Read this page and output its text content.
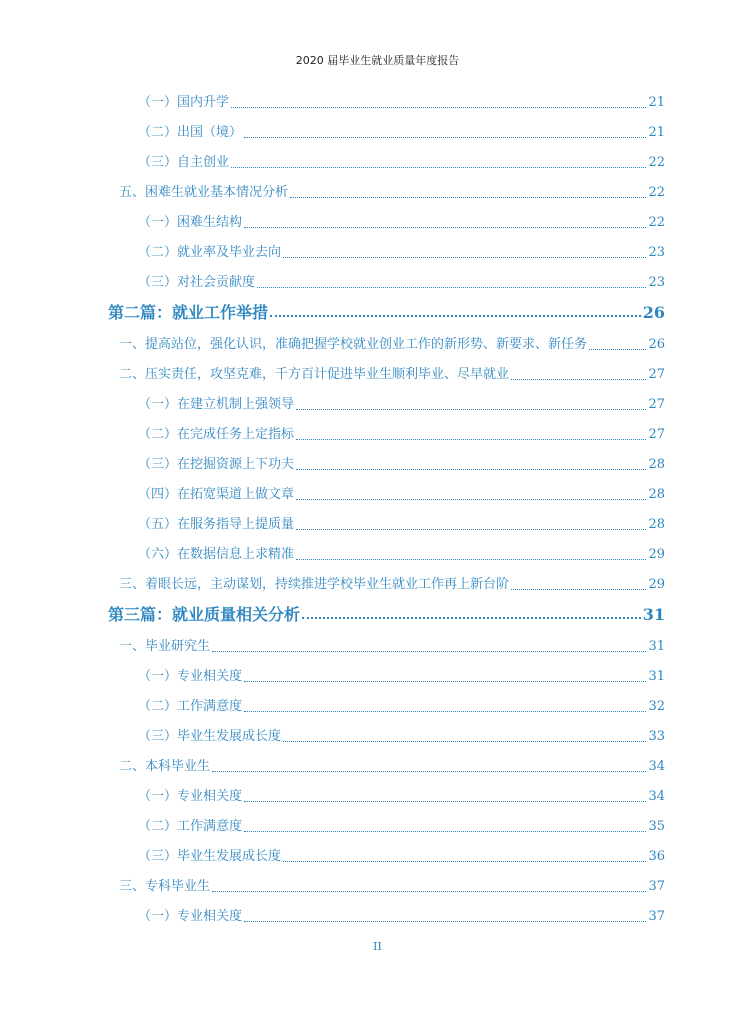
2020 届毕业生就业质量年度报告
（一）国内升学	21
（二）出国（境）	21
（三）自主创业	22
五、困难生就业基本情况分析	22
（一）困难生结构	22
（二）就业率及毕业去向	23
（三）对社会贡献度	23
第二篇：就业工作举措	26
一、提高站位，强化认识，准确把握学校就业创业工作的新形势、新要求、新任务	26
二、压实责任，攻坚克难，千方百计促进毕业生顺利毕业、尽早就业	27
（一）在建立机制上强领导	27
（二）在完成任务上定指标	27
（三）在挖掘资源上下功夫	28
（四）在拓宽渠道上做文章	28
（五）在服务指导上提质量	28
（六）在数据信息上求精准	29
三、着眼长远，主动谋划，持续推进学校毕业生就业工作再上新台阶	29
第三篇：就业质量相关分析	31
一、毕业研究生	31
（一）专业相关度	31
（二）工作满意度	32
（三）毕业生发展成长度	33
二、本科毕业生	34
（一）专业相关度	34
（二）工作满意度	35
（三）毕业生发展成长度	36
三、专科毕业生	37
（一）专业相关度	37
II
